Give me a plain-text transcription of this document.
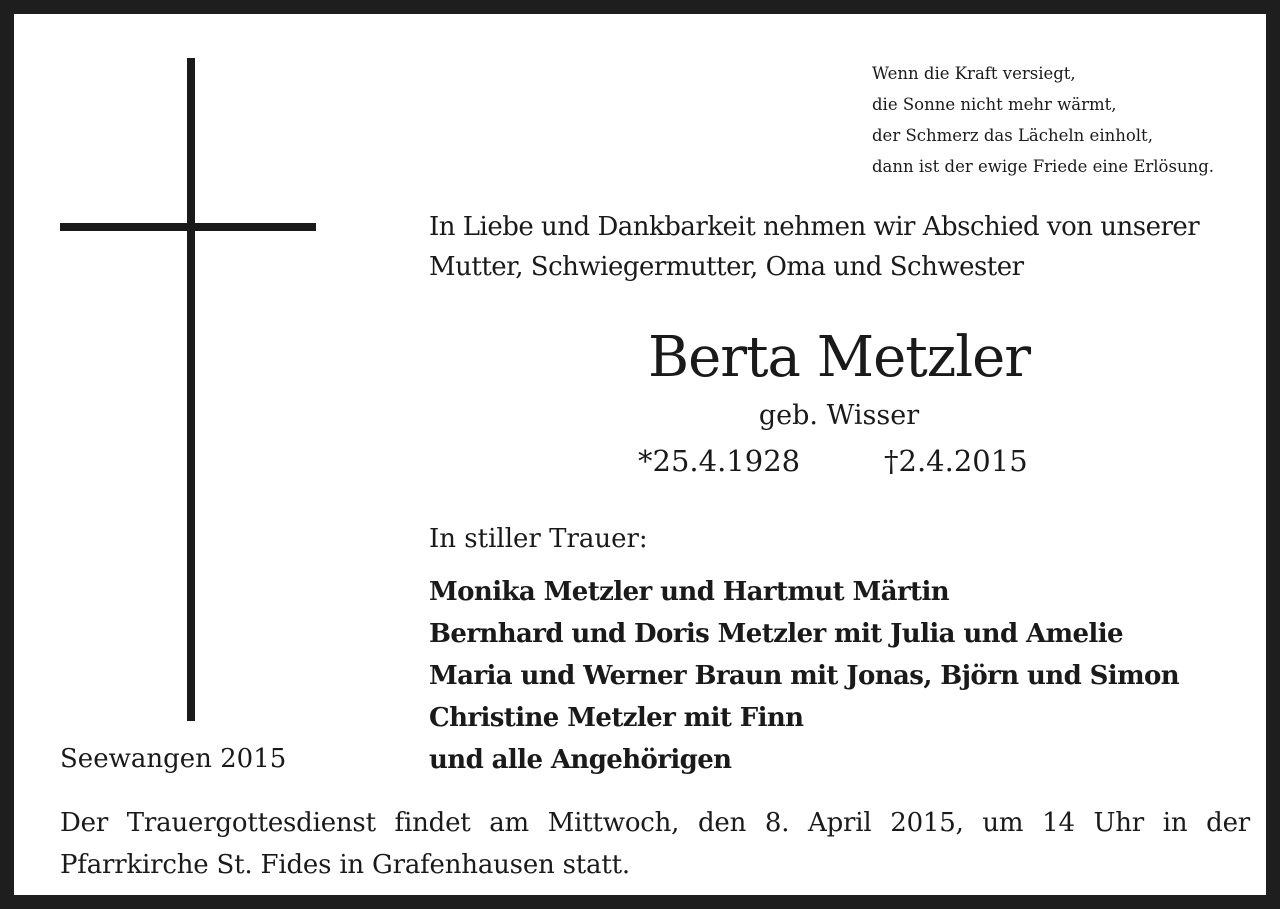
Wenn die Kraft versiegt,
die Sonne nicht mehr wärmt,
der Schmerz das Lächeln einholt,
dann ist der ewige Friede eine Erlösung.
In Liebe und Dankbarkeit nehmen wir Abschied von unserer
Mutter, Schwiegermutter, Oma und Schwester
Berta Metzler
geb. Wisser
*25.4.1928	†2.4.2015
In stiller Trauer:
Monika Metzler und Hartmut Märtin
Bernhard und Doris Metzler mit Julia und Amelie
Maria und Werner Braun mit Jonas, Björn und Simon
Christine Metzler mit Finn
und alle Angehörigen
Seewangen 2015
Der Trauergottesdienst findet am Mittwoch, den 8. April 2015, um 14 Uhr in der Pfarrkirche St. Fides in Grafenhausen statt.
